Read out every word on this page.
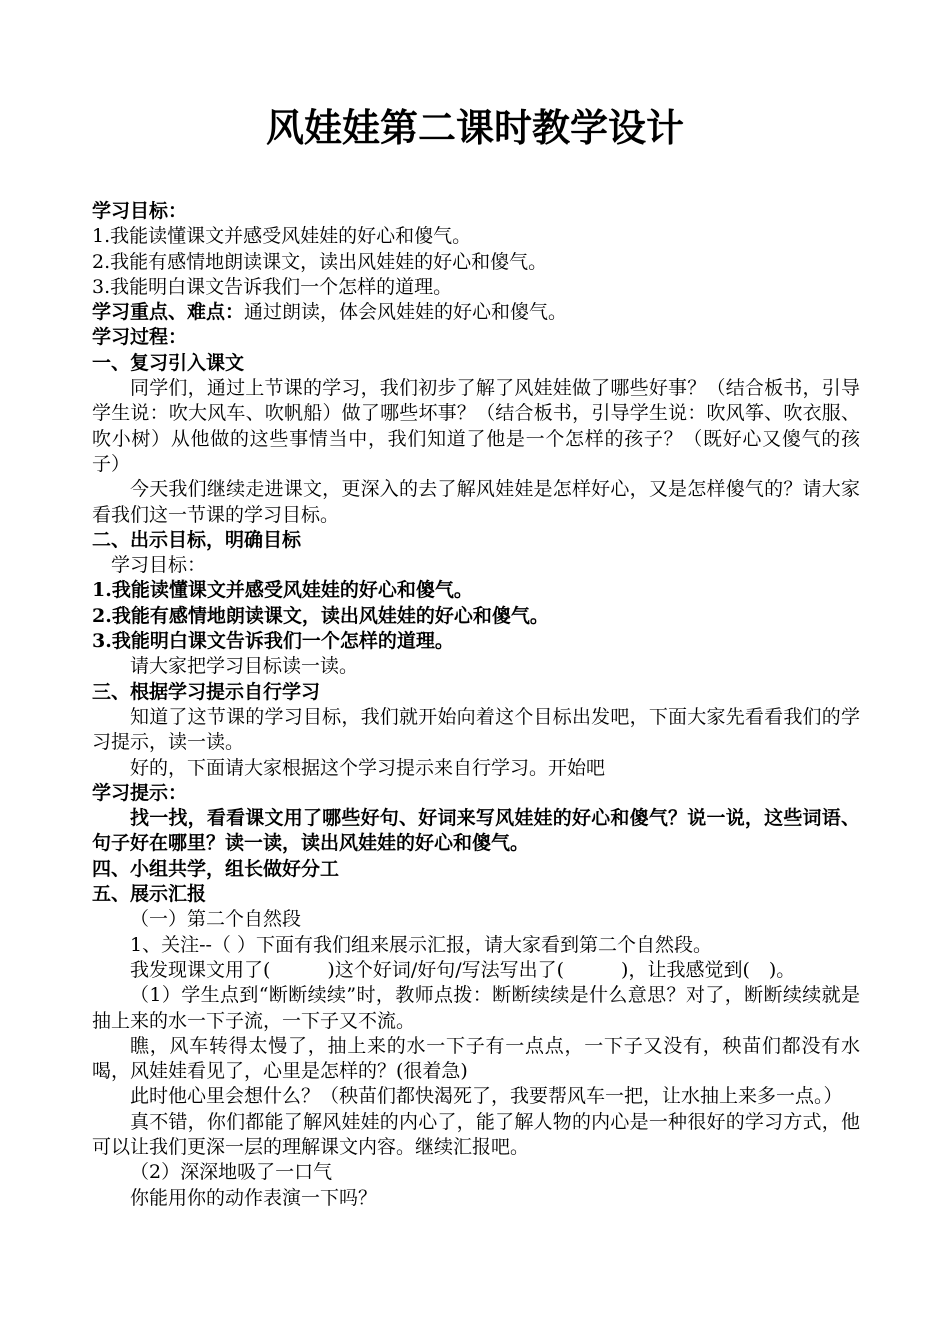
风娃娃第二课时教学设计

学习目标：

1.我能读懂课文并感受风娃娃的好心和傻气。

2.我能有感情地朗读课文，读出风娃娃的好心和傻气。

3.我能明白课文告诉我们一个怎样的道理。

学习重点、难点：通过朗读，体会风娃娃的好心和傻气。

学习过程：

一、复习引入课文

同学们，通过上节课的学习，我们初步了解了风娃娃做了哪些好事？（结合板书，引导学生说：吹大风车、吹帆船）做了哪些坏事？（结合板书，引导学生说：吹风筝、吹衣服、吹小树）从他做的这些事情当中，我们知道了他是一个怎样的孩子？（既好心又傻气的孩子）

今天我们继续走进课文，更深入的去了解风娃娃是怎样好心，又是怎样傻气的？请大家看我们这一节课的学习目标。

二、出示目标，明确目标

学习目标：

1.我能读懂课文并感受风娃娃的好心和傻气。

2.我能有感情地朗读课文，读出风娃娃的好心和傻气。

3.我能明白课文告诉我们一个怎样的道理。

请大家把学习目标读一读。

三、根据学习提示自行学习

知道了这节课的学习目标，我们就开始向着这个目标出发吧，下面大家先看看我们的学习提示，读一读。

好的，下面请大家根据这个学习提示来自行学习。开始吧

学习提示：

找一找，看看课文用了哪些好句、好词来写风娃娃的好心和傻气？说一说，这些词语、句子好在哪里？读一读，读出风娃娃的好心和傻气。

四、小组共学，组长做好分工

五、展示汇报

（一）第二个自然段

1、关注--（ ）下面有我们组来展示汇报，请大家看到第二个自然段。

我发现课文用了(　　　)这个好词/好句/写法写出了(　　　)，让我感觉到(　)。

（1）学生点到“断断续续”时，教师点拨：断断续续是什么意思？对了，断断续续就是抽上来的水一下子流，一下子又不流。

瞧，风车转得太慢了，抽上来的水一下子有一点点，一下子又没有，秧苗们都没有水喝，风娃娃看见了，心里是怎样的？(很着急)

此时他心里会想什么？（秧苗们都快渴死了，我要帮风车一把，让水抽上来多一点。）

真不错，你们都能了解风娃娃的内心了，能了解人物的内心是一种很好的学习方式，他可以让我们更深一层的理解课文内容。继续汇报吧。

（2）深深地吸了一口气

你能用你的动作表演一下吗？
